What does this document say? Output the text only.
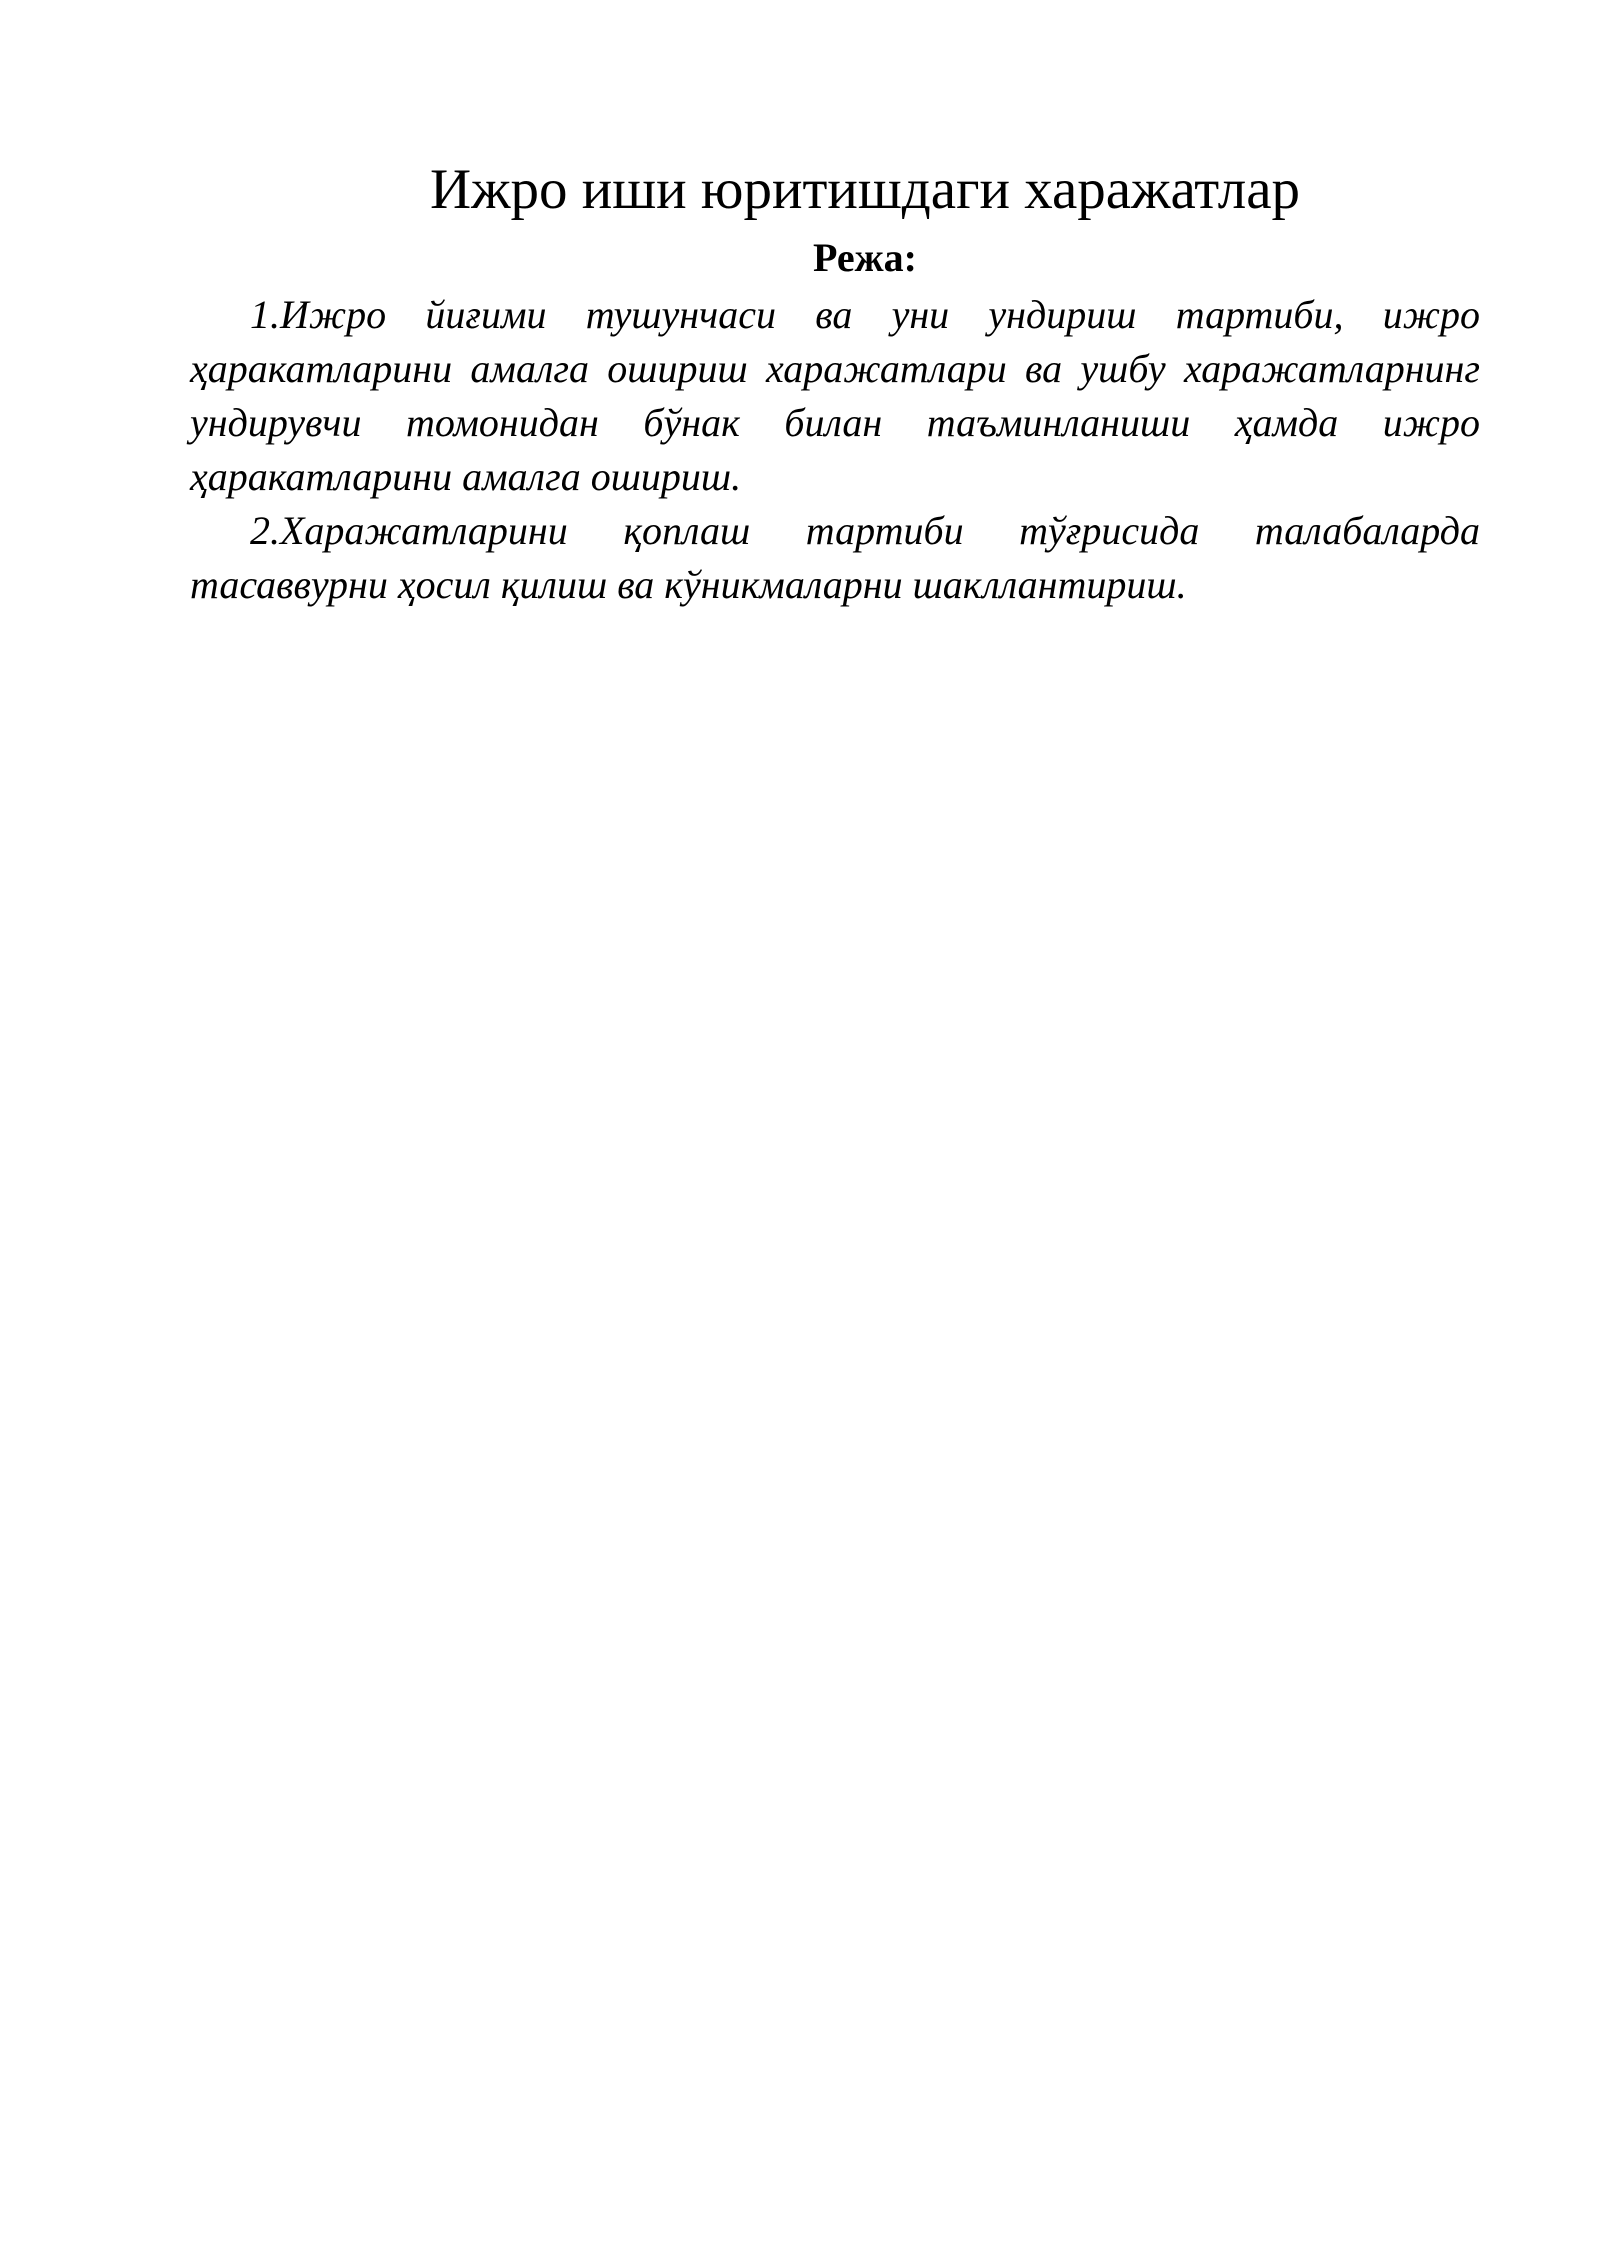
Ижро иши юритишдаги харажатлар

Режа:

1.Ижро йиғими тушунчаси ва уни ундириш тартиби, ижро ҳаракатларини амалга ошириш харажатлари ва ушбу харажатларнинг ундирувчи томонидан бўнак билан таъминланиши ҳамда ижро ҳаракатларини амалга ошириш.

2.Харажатларини қоплаш тартиби тўғрисида талабаларда тасаввурни ҳосил қилиш ва кўникмаларни шакллантириш.
